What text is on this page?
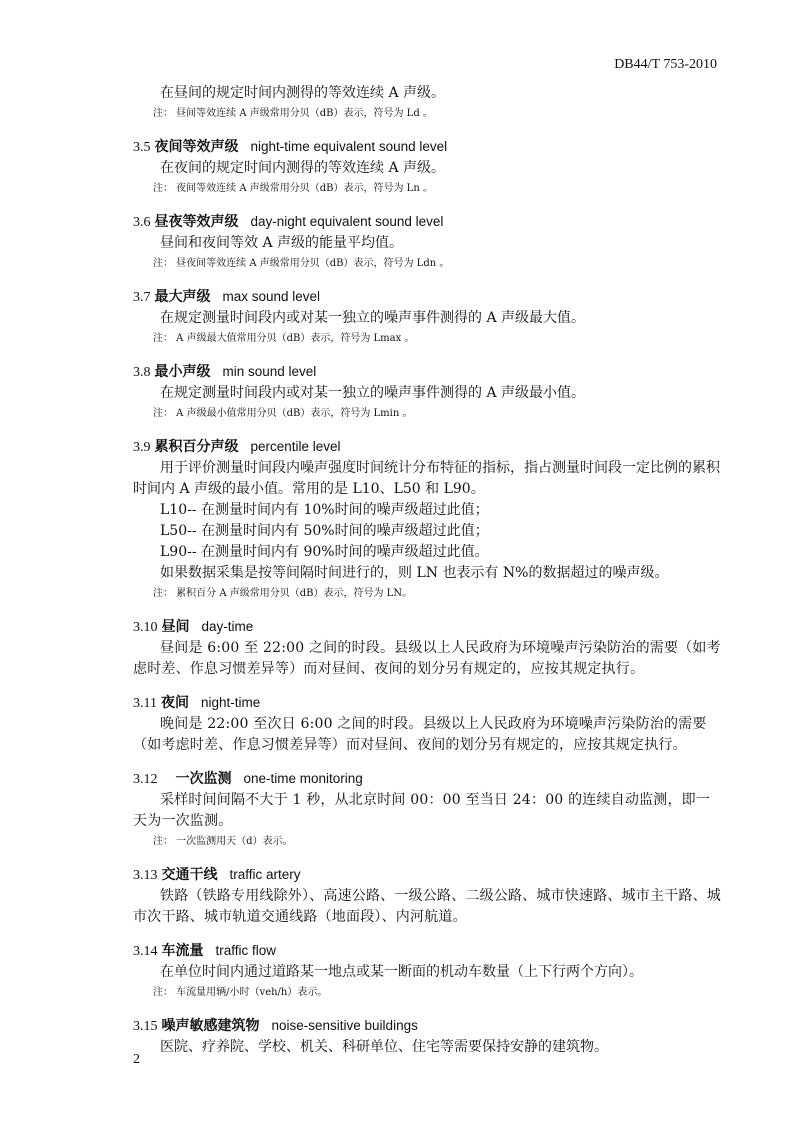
DB44/T 753-2010
在昼间的规定时间内测得的等效连续 A 声级。
注： 昼间等效连续 A 声级常用分贝（dB）表示，符号为 Ld 。
3.5 夜间等效声级 night-time equivalent sound level
在夜间的规定时间内测得的等效连续 A 声级。
注： 夜间等效连续 A 声级常用分贝（dB）表示，符号为 Ln 。
3.6 昼夜等效声级 day-night equivalent sound level
昼间和夜间等效 A 声级的能量平均值。
注： 昼夜间等效连续 A 声级常用分贝（dB）表示，符号为 Ldn 。
3.7 最大声级 max sound level
在规定测量时间段内或对某一独立的噪声事件测得的 A 声级最大值。
注： A 声级最大值常用分贝（dB）表示，符号为 Lmax 。
3.8 最小声级 min sound level
在规定测量时间段内或对某一独立的噪声事件测得的 A 声级最小值。
注： A 声级最小值常用分贝（dB）表示，符号为 Lmin 。
3.9 累积百分声级 percentile level
用于评价测量时间段内噪声强度时间统计分布特征的指标，指占测量时间段一定比例的累积
时间内 A 声级的最小值。常用的是 L10、L50 和 L90。
L10-- 在测量时间内有 10%时间的噪声级超过此值；
L50-- 在测量时间内有 50%时间的噪声级超过此值；
L90-- 在测量时间内有 90%时间的噪声级超过此值。
如果数据采集是按等间隔时间进行的，则 LN 也表示有 N%的数据超过的噪声级。
注： 累积百分 A 声级常用分贝（dB）表示，符号为 LN。
3.10 昼间 day-time
昼间是 6:00 至 22:00 之间的时段。县级以上人民政府为环境噪声污染防治的需要（如考虑时差、作息习惯差异等）而对昼间、夜间的划分另有规定的，应按其规定执行。
3.11 夜间 night-time
晚间是 22:00 至次日 6:00 之间的时段。县级以上人民政府为环境噪声污染防治的需要（如考虑时差、作息习惯差异等）而对昼间、夜间的划分另有规定的，应按其规定执行。
3.12 一次监测 one-time monitoring
采样时间间隔不大于 1 秒，从北京时间 00：00 至当日 24：00 的连续自动监测，即一天为一次监测。
注： 一次监测用天（d）表示。
3.13 交通干线 traffic artery
铁路（铁路专用线除外）、高速公路、一级公路、二级公路、城市快速路、城市主干路、城市次干路、城市轨道交通线路（地面段）、内河航道。
3.14 车流量 traffic flow
在单位时间内通过道路某一地点或某一断面的机动车数量（上下行两个方向）。
注： 车流量用辆/小时（veh/h）表示。
3.15 噪声敏感建筑物 noise-sensitive buildings
医院、疗养院、学校、机关、科研单位、住宅等需要保持安静的建筑物。
2
